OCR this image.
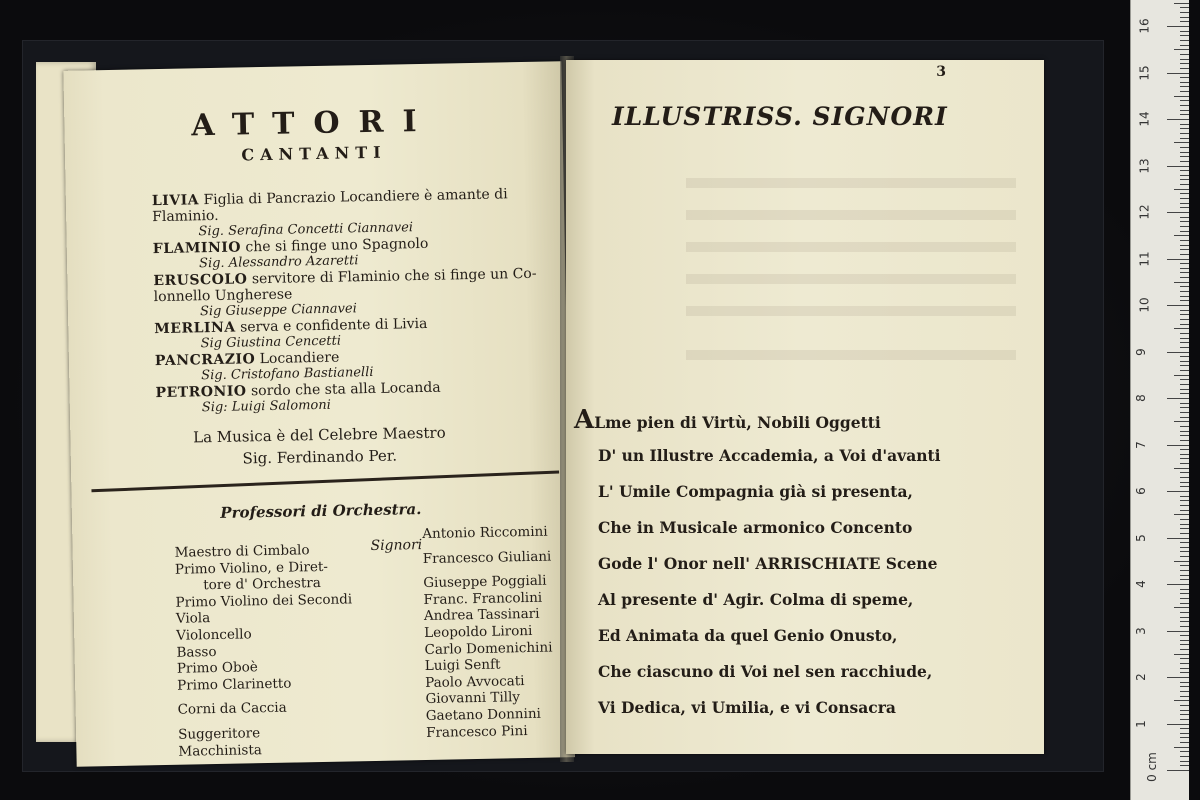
ATTORI
CANTANTI
LIVIA Figlia di Pancrazio Locandiere è amante di
Flaminio.
Sig. Serafina Concetti Ciannavei
FLAMINIO che si finge uno Spagnolo
Sig. Alessandro Azaretti
ERUSCOLO servitore di Flaminio che si finge un Co-
lonnello Ungherese
Sig Giuseppe Ciannavei
MERLINA serva e confidente di Livia
Sig Giustina Cencetti
PANCRAZIO Locandiere
Sig. Cristofano Bastianelli
PETRONIO sordo che sta alla Locanda
Sig: Luigi Salomoni
La Musica è del Celebre Maestro
Sig. Ferdinando Per.
Professori di Orchestra.
Signori
Maestro di Cimbalo
Primo Violino, e Diret-
tore d' Orchestra
Primo Violino dei Secondi
Viola
Violoncello
Basso
Primo Oboè
Primo Clarinetto
Corni da Caccia
Suggeritore
Macchinista
Antonio Riccomini
Francesco Giuliani
Giuseppe Poggiali
Franc. Francolini
Andrea Tassinari
Leopoldo Lironi
Carlo Domenichini
Luigi Senft
Paolo Avvocati
Giovanni Tilly
Gaetano Donnini
Francesco Pini
3
ILLUSTRISS. SIGNORI
ALme pien di Virtù, Nobili Oggetti
D' un Illustre Accademia, a Voi d'avanti
L' Umile Compagnia già si presenta,
Che in Musicale armonico Concento
Gode l' Onor nell' ARRISCHIATE Scene
Al presente d' Agir. Colma di speme,
Ed Animata da quel Genio Onusto,
Che ciascuno di Voi nel sen racchiude,
Vi Dedica, vi Umilia, e vi Consacra
0 cm
1
2
3
4
5
6
7
8
9
10
11
12
13
14
15
16
